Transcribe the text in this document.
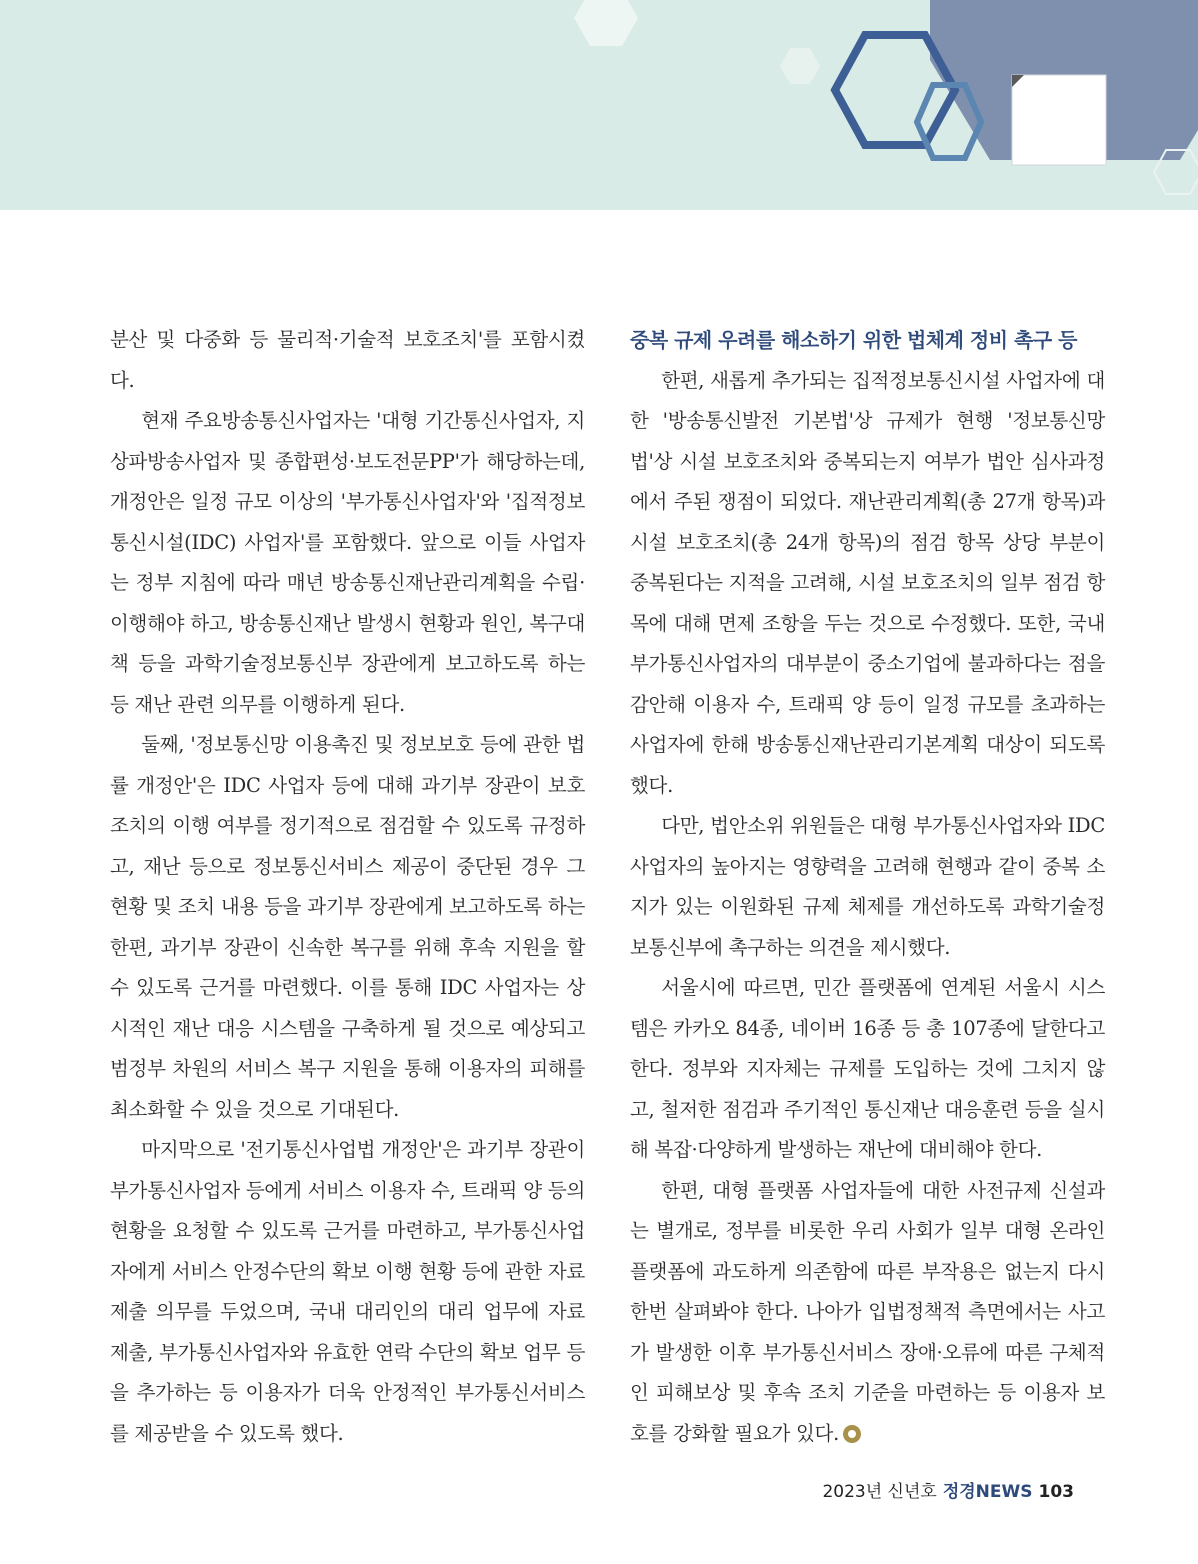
분산 및 다중화 등 물리적·기술적 보호조치'를 포함시켰다.

현재 주요방송통신사업자는 '대형 기간통신사업자, 지상파방송사업자 및 종합편성·보도전문PP'가 해당하는데, 개정안은 일정 규모 이상의 '부가통신사업자'와 '집적정보통신시설(IDC) 사업자'를 포함했다. 앞으로 이들 사업자는 정부 지침에 따라 매년 방송통신재난관리계획을 수립·이행해야 하고, 방송통신재난 발생시 현황과 원인, 복구대책 등을 과학기술정보통신부 장관에게 보고하도록 하는 등 재난 관련 의무를 이행하게 된다.

둘째, '정보통신망 이용촉진 및 정보보호 등에 관한 법률 개정안'은 IDC 사업자 등에 대해 과기부 장관이 보호조치의 이행 여부를 정기적으로 점검할 수 있도록 규정하고, 재난 등으로 정보통신서비스 제공이 중단된 경우 그 현황 및 조치 내용 등을 과기부 장관에게 보고하도록 하는 한편, 과기부 장관이 신속한 복구를 위해 후속 지원을 할 수 있도록 근거를 마련했다. 이를 통해 IDC 사업자는 상시적인 재난 대응 시스템을 구축하게 될 것으로 예상되고 범정부 차원의 서비스 복구 지원을 통해 이용자의 피해를 최소화할 수 있을 것으로 기대된다.

마지막으로 '전기통신사업법 개정안'은 과기부 장관이 부가통신사업자 등에게 서비스 이용자 수, 트래픽 양 등의 현황을 요청할 수 있도록 근거를 마련하고, 부가통신사업자에게 서비스 안정수단의 확보 이행 현황 등에 관한 자료 제출 의무를 두었으며, 국내 대리인의 대리 업무에 자료 제출, 부가통신사업자와 유효한 연락 수단의 확보 업무 등을 추가하는 등 이용자가 더욱 안정적인 부가통신서비스를 제공받을 수 있도록 했다.

중복 규제 우려를 해소하기 위한 법체계 정비 촉구 등

한편, 새롭게 추가되는 집적정보통신시설 사업자에 대한 '방송통신발전 기본법'상 규제가 현행 '정보통신망법'상 시설 보호조치와 중복되는지 여부가 법안 심사과정에서 주된 쟁점이 되었다. 재난관리계획(총 27개 항목)과 시설 보호조치(총 24개 항목)의 점검 항목 상당 부분이 중복된다는 지적을 고려해, 시설 보호조치의 일부 점검 항목에 대해 면제 조항을 두는 것으로 수정했다. 또한, 국내 부가통신사업자의 대부분이 중소기업에 불과하다는 점을 감안해 이용자 수, 트래픽 양 등이 일정 규모를 초과하는 사업자에 한해 방송통신재난관리기본계획 대상이 되도록 했다.

다만, 법안소위 위원들은 대형 부가통신사업자와 IDC 사업자의 높아지는 영향력을 고려해 현행과 같이 중복 소지가 있는 이원화된 규제 체제를 개선하도록 과학기술정보통신부에 촉구하는 의견을 제시했다.

서울시에 따르면, 민간 플랫폼에 연계된 서울시 시스템은 카카오 84종, 네이버 16종 등 총 107종에 달한다고 한다. 정부와 지자체는 규제를 도입하는 것에 그치지 않고, 철저한 점검과 주기적인 통신재난 대응훈련 등을 실시해 복잡·다양하게 발생하는 재난에 대비해야 한다.

한편, 대형 플랫폼 사업자들에 대한 사전규제 신설과는 별개로, 정부를 비롯한 우리 사회가 일부 대형 온라인 플랫폼에 과도하게 의존함에 따른 부작용은 없는지 다시 한번 살펴봐야 한다. 나아가 입법정책적 측면에서는 사고가 발생한 이후 부가통신서비스 장애·오류에 따른 구체적인 피해보상 및 후속 조치 기준을 마련하는 등 이용자 보호를 강화할 필요가 있다.

2023년 신년호 정경NEWS 103
